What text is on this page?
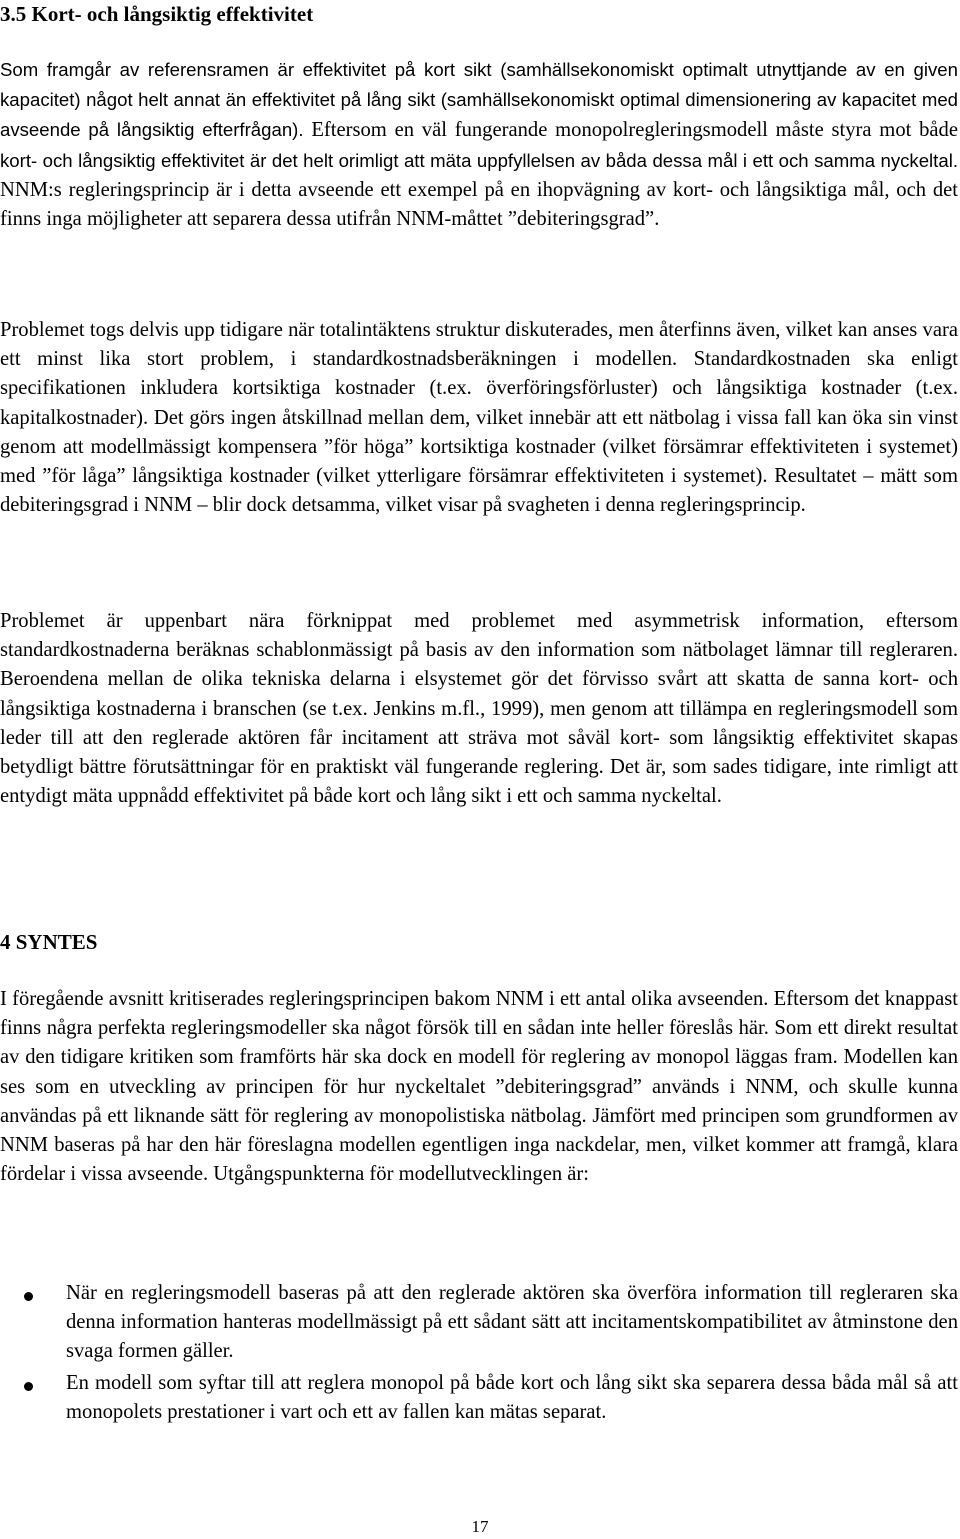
3.5 Kort- och långsiktig effektivitet

Som framgår av referensramen är effektivitet på kort sikt (samhällsekonomiskt optimalt utnyttjande av en given kapacitet) något helt annat än effektivitet på lång sikt (samhällsekonomiskt optimal dimensionering av kapacitet med avseende på långsiktig efterfrågan). Eftersom en väl fungerande monopolregleringsmodell måste styra mot både kort- och långsiktig effektivitet är det helt orimligt att mäta uppfyllelsen av båda dessa mål i ett och samma nyckeltal. NNM:s regleringsprincip är i detta avseende ett exempel på en ihopvägning av kort- och långsiktiga mål, och det finns inga möjligheter att separera dessa utifrån NNM-måttet ”debiteringsgrad”.

Problemet togs delvis upp tidigare när totalintäktens struktur diskuterades, men återfinns även, vilket kan anses vara ett minst lika stort problem, i standardkostnadsberäkningen i modellen. Standardkostnaden ska enligt specifikationen inkludera kortsiktiga kostnader (t.ex. överföringsförluster) och långsiktiga kostnader (t.ex. kapitalkostnader). Det görs ingen åtskillnad mellan dem, vilket innebär att ett nätbolag i vissa fall kan öka sin vinst genom att modellmässigt kompensera ”för höga” kortsiktiga kostnader (vilket försämrar effektiviteten i systemet) med ”för låga” långsiktiga kostnader (vilket ytterligare försämrar effektiviteten i systemet). Resultatet – mätt som debiteringsgrad i NNM – blir dock detsamma, vilket visar på svagheten i denna regleringsprincip.

Problemet är uppenbart nära förknippat med problemet med asymmetrisk information, eftersom standardkostnaderna beräknas schablonmässigt på basis av den information som nätbolaget lämnar till regleraren. Beroendena mellan de olika tekniska delarna i elsystemet gör det förvisso svårt att skatta de sanna kort- och långsiktiga kostnaderna i branschen (se t.ex. Jenkins m.fl., 1999), men genom att tillämpa en regleringsmodell som leder till att den reglerade aktören får incitament att sträva mot såväl kort- som långsiktig effektivitet skapas betydligt bättre förutsättningar för en praktiskt väl fungerande reglering. Det är, som sades tidigare, inte rimligt att entydigt mäta uppnådd effektivitet på både kort och lång sikt i ett och samma nyckeltal.

4 SYNTES

I föregående avsnitt kritiserades regleringsprincipen bakom NNM i ett antal olika avseenden. Eftersom det knappast finns några perfekta regleringsmodeller ska något försök till en sådan inte heller föreslås här. Som ett direkt resultat av den tidigare kritiken som framförts här ska dock en modell för reglering av monopol läggas fram. Modellen kan ses som en utveckling av principen för hur nyckeltalet ”debiteringsgrad” används i NNM, och skulle kunna användas på ett liknande sätt för reglering av monopolistiska nätbolag. Jämfört med principen som grundformen av NNM baseras på har den här föreslagna modellen egentligen inga nackdelar, men, vilket kommer att framgå, klara fördelar i vissa avseende. Utgångspunkterna för modellutvecklingen är:

När en regleringsmodell baseras på att den reglerade aktören ska överföra information till regleraren ska denna information hanteras modellmässigt på ett sådant sätt att incitamentskompatibilitet av åtminstone den svaga formen gäller.
En modell som syftar till att reglera monopol på både kort och lång sikt ska separera dessa båda mål så att monopolets prestationer i vart och ett av fallen kan mätas separat.
17
